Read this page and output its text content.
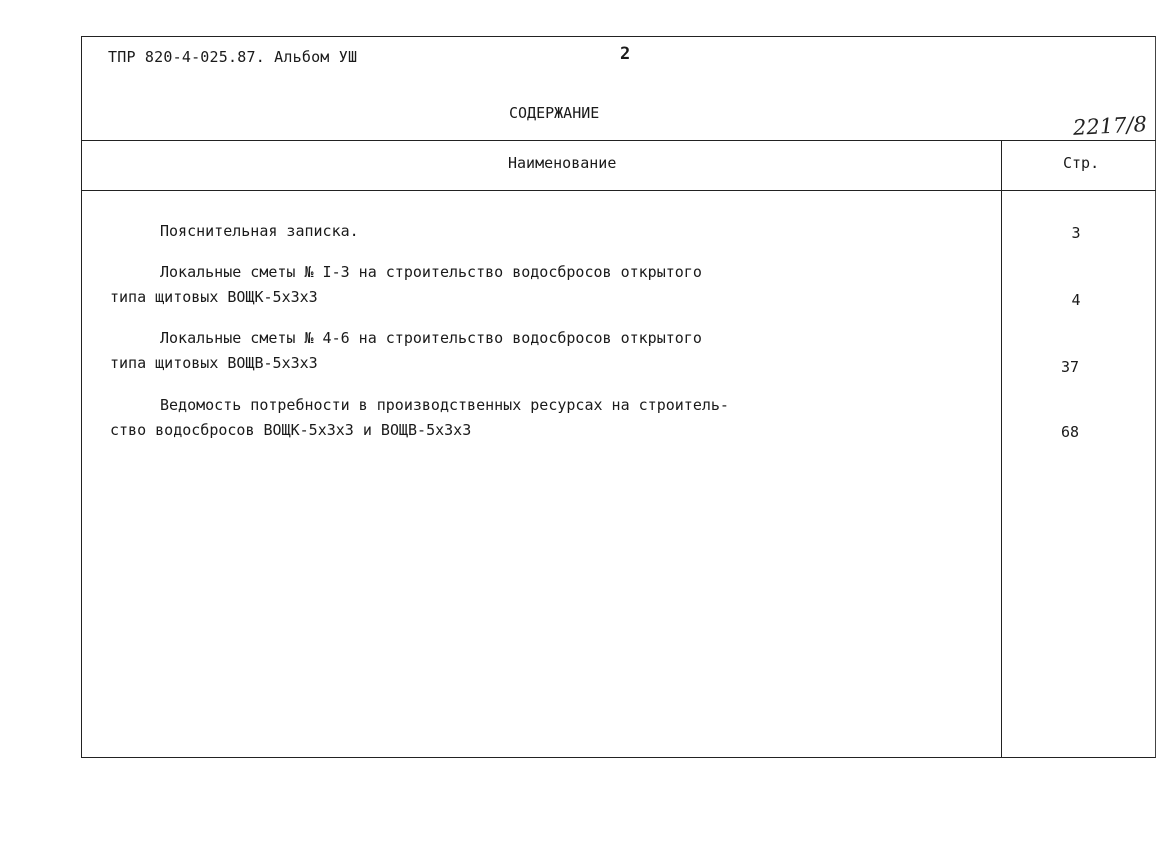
ТПР 820-4-025.87. Альбом УШ	2
СОДЕРЖАНИЕ	2217/8
Наименование	Стр.
Пояснительная записка.	3
Локальные сметы № I-3 на строительство водосбросов открытого
типа щитовых ВОЩК-5х3х3	4
Локальные сметы № 4-6 на строительство водосбросов открытого
типа щитовых ВОЩВ-5х3х3	37
Ведомость потребности в производственных ресурсах на строитель-
ство водосбросов ВОЩК-5х3х3 и ВОЩВ-5х3х3	68
